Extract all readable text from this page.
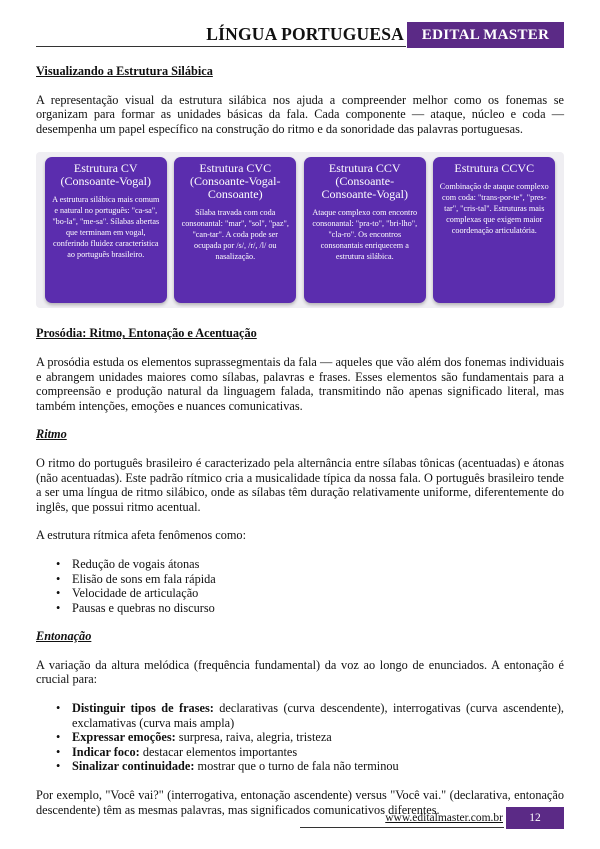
LÍNGUA PORTUGUESA	EDITAL MASTER
Visualizando a Estrutura Silábica

A representação visual da estrutura silábica nos ajuda a compreender melhor como os fonemas se organizam para formar as unidades básicas da fala. Cada componente — ataque, núcleo e coda — desempenha um papel específico na construção do ritmo e da sonoridade das palavras portuguesas.

Estrutura CV (Consoante-Vogal)
A estrutura silábica mais comum e natural no português: "ca-sa", "bo-la", "me-sa". Sílabas abertas que terminam em vogal, conferindo fluidez característica ao português brasileiro.
Estrutura CVC (Consoante-Vogal-Consoante)
Sílaba travada com coda consonantal: "mar", "sol", "paz", "can-tar". A coda pode ser ocupada por /s/, /r/, /l/ ou nasalização.
Estrutura CCV (Consoante-Consoante-Vogal)
Ataque complexo com encontro consonantal: "pra-to", "bri-lho", "cla-ro". Os encontros consonantais enriquecem a estrutura silábica.
Estrutura CCVC
Combinação de ataque complexo com coda: "trans-por-te", "pres-tar", "cris-tal". Estruturas mais complexas que exigem maior coordenação articulatória.
Prosódia: Ritmo, Entonação e Acentuação

A prosódia estuda os elementos suprassegmentais da fala — aqueles que vão além dos fonemas individuais e abrangem unidades maiores como sílabas, palavras e frases. Esses elementos são fundamentais para a compreensão e produção natural da linguagem falada, transmitindo não apenas significado literal, mas também intenções, emoções e nuances comunicativas.

Ritmo

O ritmo do português brasileiro é caracterizado pela alternância entre sílabas tônicas (acentuadas) e átonas (não acentuadas). Este padrão rítmico cria a musicalidade típica da nossa fala. O português brasileiro tende a ser uma língua de ritmo silábico, onde as sílabas têm duração relativamente uniforme, diferentemente do inglês, que possui ritmo acentual.

A estrutura rítmica afeta fenômenos como:

• Redução de vogais átonas
• Elisão de sons em fala rápida
• Velocidade de articulação
• Pausas e quebras no discurso
Entonação

A variação da altura melódica (frequência fundamental) da voz ao longo de enunciados. A entonação é crucial para:

• Distinguir tipos de frases: declarativas (curva descendente), interrogativas (curva ascendente), exclamativas (curva mais ampla)
• Expressar emoções: surpresa, raiva, alegria, tristeza
• Indicar foco: destacar elementos importantes
• Sinalizar continuidade: mostrar que o turno de fala não terminou

Por exemplo, "Você vai?" (interrogativa, entonação ascendente) versus "Você vai." (declarativa, entonação descendente) têm as mesmas palavras, mas significados comunicativos diferentes.

www.editalmaster.com.br	12
